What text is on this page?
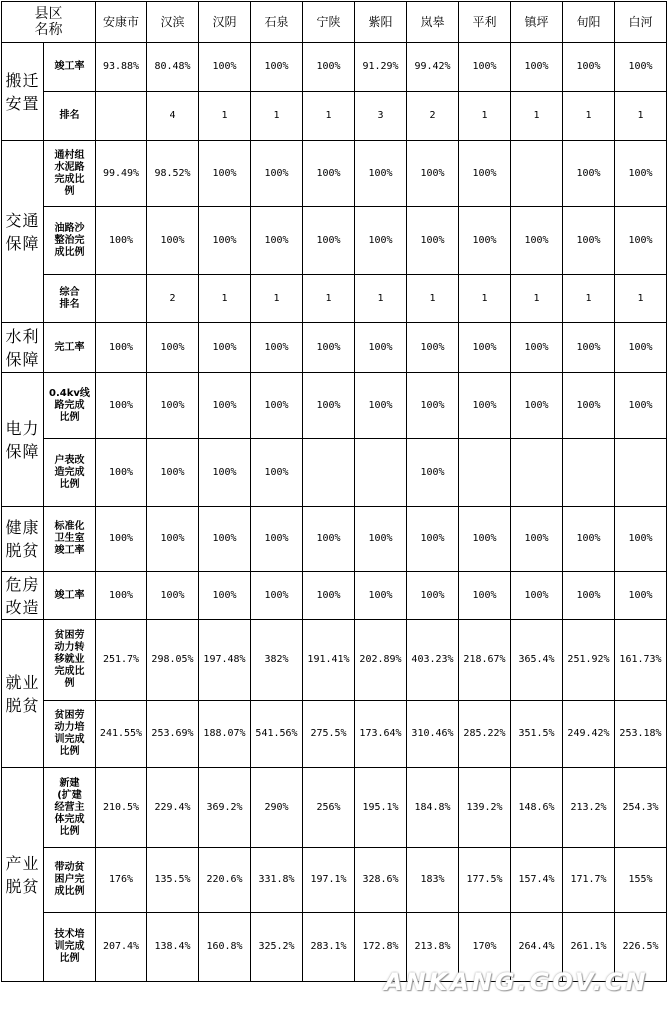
县区
名称		安康市	汉滨	汉阴	石泉	宁陕	紫阳	岚皋	平利	镇坪	旬阳	白河
搬迁
安置	竣工率	93.88%	80.48%	100%	100%	100%	91.29%	99.42%	100%	100%	100%	100%
	排名		4	1	1	1	3	2	1	1	1	1
交通
保障	通村组
水泥路
完成比
例	99.49%	98.52%	100%	100%	100%	100%	100%	100%		100%	100%
	油路沙
整治完
成比例	100%	100%	100%	100%	100%	100%	100%	100%	100%	100%	100%
	综合
排名		2	1	1	1	1	1	1	1	1	1
水利
保障	完工率	100%	100%	100%	100%	100%	100%	100%	100%	100%	100%	100%
电力
保障	0.4kv线
路完成
比例	100%	100%	100%	100%	100%	100%	100%	100%	100%	100%	100%
	户表改
造完成
比例	100%	100%	100%	100%			100%				
健康
脱贫	标准化
卫生室
竣工率	100%	100%	100%	100%	100%	100%	100%	100%	100%	100%	100%
危房
改造	竣工率	100%	100%	100%	100%	100%	100%	100%	100%	100%	100%	100%
就业
脱贫	贫困劳
动力转
移就业
完成比
例	251.7%	298.05%	197.48%	382%	191.41%	202.89%	403.23%	218.67%	365.4%	251.92%	161.73%
	贫困劳
动力培
训完成
比例	241.55%	253.69%	188.07%	541.56%	275.5%	173.64%	310.46%	285.22%	351.5%	249.42%	253.18%
产业
脱贫	新建
(扩建
经营主
体完成
比例	210.5%	229.4%	369.2%	290%	256%	195.1%	184.8%	139.2%	148.6%	213.2%	254.3%
	带动贫
困户完
成比例	176%	135.5%	220.6%	331.8%	197.1%	328.6%	183%	177.5%	157.4%	171.7%	155%
	技术培
训完成
比例	207.4%	138.4%	160.8%	325.2%	283.1%	172.8%	213.8%	170%	264.4%	261.1%	226.5%
ANKANG.GOV.CN
